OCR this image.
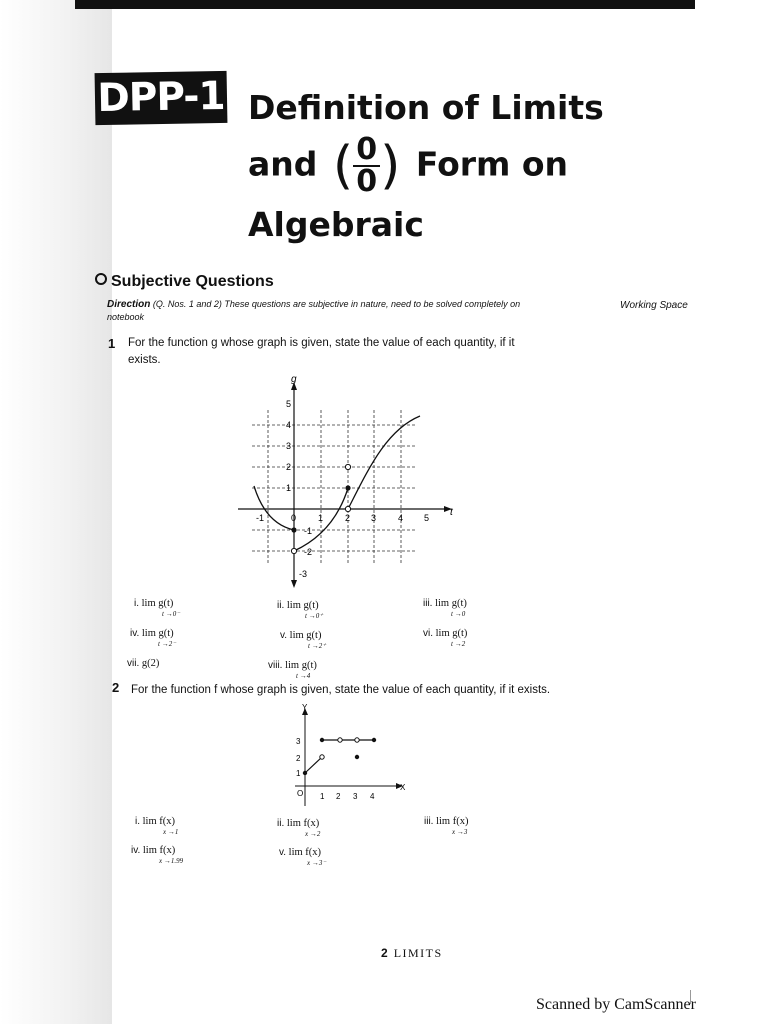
DPP-1 Definition of Limits
and ( $\frac{0}{0}$ ) Form on
Algebraic
Subjective Questions
Direction (Q. Nos. 1 and 2) These questions are subjective in nature, need to be solved completely on
notebook
Working Space
1 For the function g whose graph is given, state the value of each quantity, if it
exists.
g
t
5
4
3
2
1
-1
-2
-3
-1	0 1 2 3 4 5
i. lim g(t)
t →0⁻
ii. lim g(t)
t →0⁺
iii. lim g(t)
t →0
iv. lim g(t)
t →2⁻
v. lim g(t)
t →2⁺
vi. lim g(t)
t →2
vii. g(2)	viii. lim g(t)
t →4
2 For the function f whose graph is given, state the value of each quantity, if it exists.
Y
X
O
1
2
3
1 2 3 4
i. lim f(x)
x →1
ii. lim f(x)
x →2
iii. lim f(x)
x →3
iv. lim f(x)
x →1.99
v. lim f(x)
x →3⁻
2 LIMITS
Scanned by CamScanner
